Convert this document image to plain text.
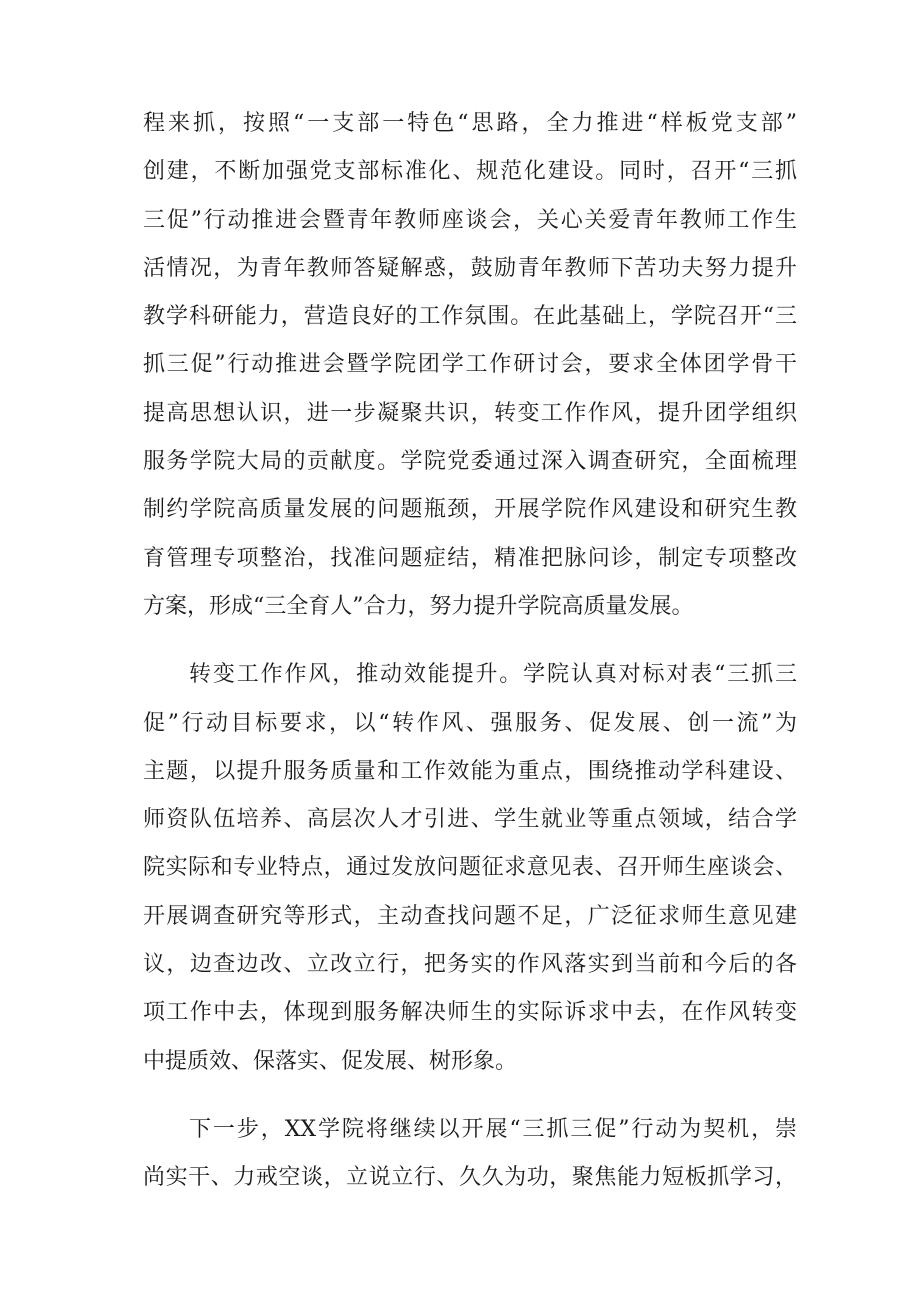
程来抓，按照“一支部一特色“思路，全力推进“样板党支部”
创建，不断加强党支部标准化、规范化建设。同时，召开“三抓
三促”行动推进会暨青年教师座谈会，关心关爱青年教师工作生
活情况，为青年教师答疑解惑，鼓励青年教师下苦功夫努力提升
教学科研能力，营造良好的工作氛围。在此基础上，学院召开“三
抓三促”行动推进会暨学院团学工作研讨会，要求全体团学骨干
提高思想认识，进一步凝聚共识，转变工作作风，提升团学组织
服务学院大局的贡献度。学院党委通过深入调查研究，全面梳理
制约学院高质量发展的问题瓶颈，开展学院作风建设和研究生教
育管理专项整治，找准问题症结，精准把脉问诊，制定专项整改
方案，形成“三全育人”合力，努力提升学院高质量发展。
转变工作作风，推动效能提升。学院认真对标对表“三抓三
促”行动目标要求，以“转作风、强服务、促发展、创一流”为
主题，以提升服务质量和工作效能为重点，围绕推动学科建设、
师资队伍培养、高层次人才引进、学生就业等重点领域，结合学
院实际和专业特点，通过发放问题征求意见表、召开师生座谈会、
开展调查研究等形式，主动查找问题不足，广泛征求师生意见建
议，边查边改、立改立行，把务实的作风落实到当前和今后的各
项工作中去，体现到服务解决师生的实际诉求中去，在作风转变
中提质效、保落实、促发展、树形象。
下一步，XX学院将继续以开展“三抓三促”行动为契机，崇
尚实干、力戒空谈，立说立行、久久为功，聚焦能力短板抓学习，
